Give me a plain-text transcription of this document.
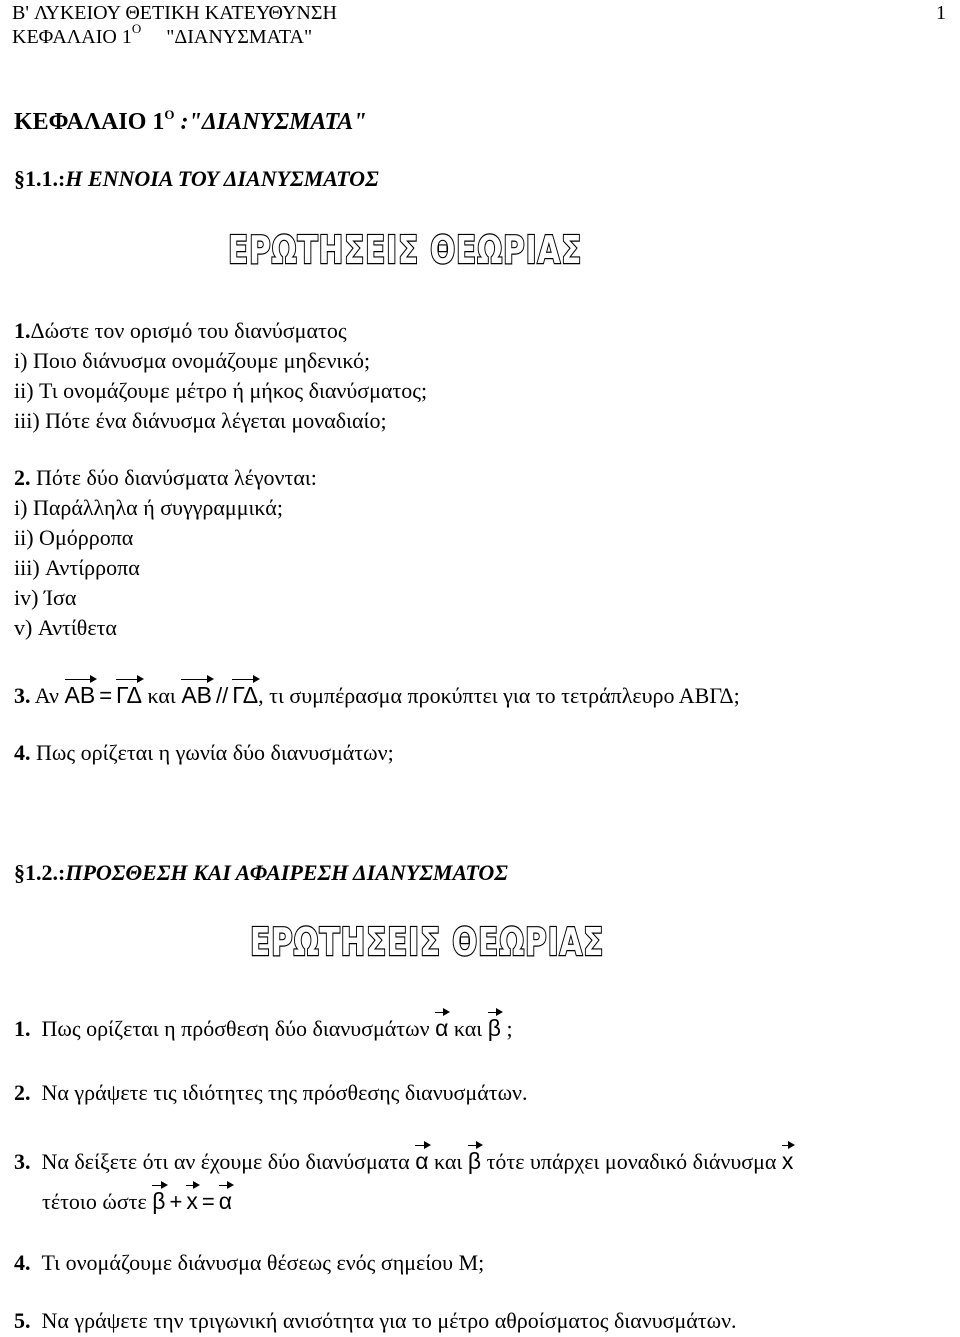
B' ΛΥΚΕΙΟΥ ΘΕΤΙΚΗ ΚΑΤΕΥΘΥΝΣΗ	1
ΚΕΦΑΛΑΙΟ $1^O$ "ΔΙΑΝΥΣΜΑΤΑ"
ΚΕΦΑΛΑΙΟ $1^O$ :"ΔΙΑΝΥΣΜΑΤΑ"
§1.1.:Η ΕΝΝΟΙΑ ΤΟΥ ΔΙΑΝΥΣΜΑΤΟΣ
ΕΡΩΤΗΣΕΙΣ ΘΕΩΡΙΑΣ
1.Δώστε τον ορισμό του διανύσματος
i) Ποιο διάνυσμα ονομάζουμε μηδενικό;
ii) Τι ονομάζουμε μέτρο ή μήκος διανύσματος;
iii) Πότε ένα διάνυσμα λέγεται μοναδιαίο;
2. Πότε δύο διανύσματα λέγονται:
i) Παράλληλα ή συγγραμμικά;
ii) Ομόρροπα
iii) Αντίρροπα
iv) Ίσα
v) Αντίθετα
3. Αν AB = ΓΔ και AB // ΓΔ, τι συμπέρασμα προκύπτει για το τετράπλευρο ΑΒΓΔ;
4. Πως ορίζεται η γωνία δύο διανυσμάτων;
§1.2.:ΠΡΟΣΘΕΣΗ ΚΑΙ ΑΦΑΙΡΕΣΗ ΔΙΑΝΥΣΜΑΤΟΣ
ΕΡΩΤΗΣΕΙΣ ΘΕΩΡΙΑΣ
1. Πως ορίζεται η πρόσθεση δύο διανυσμάτων α και β ;
2. Να γράψετε τις ιδιότητες της πρόσθεσης διανυσμάτων.
3. Να δείξετε ότι αν έχουμε δύο διανύσματα α και β τότε υπάρχει μοναδικό διάνυσμα x
τέτοιο ώστε β + x = α
4. Τι ονομάζουμε διάνυσμα θέσεως ενός σημείου Μ;
5. Να γράψετε την τριγωνική ανισότητα για το μέτρο αθροίσματος διανυσμάτων.
